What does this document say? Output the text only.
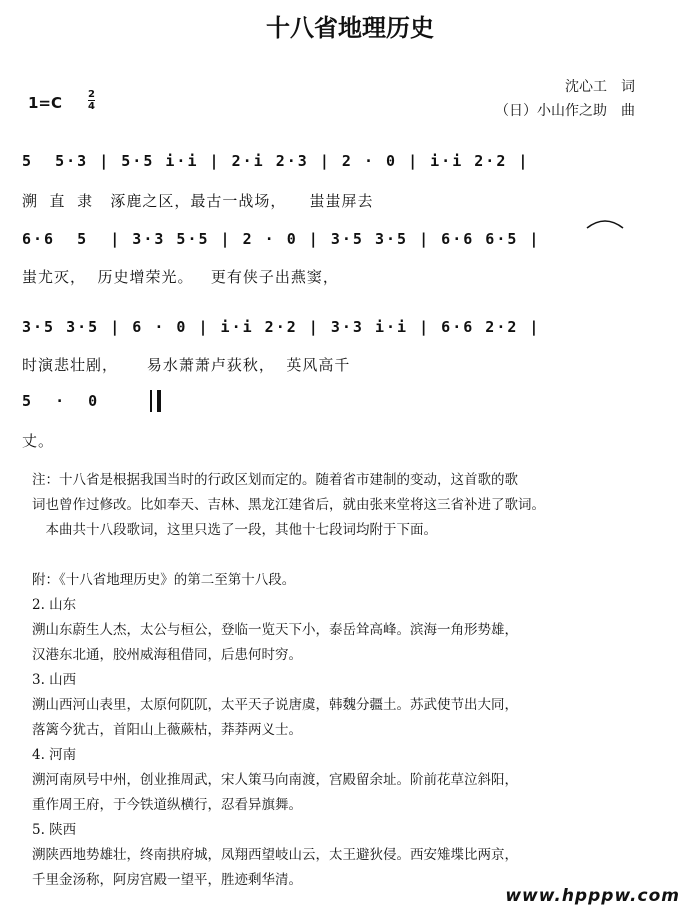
十八省地理历史
1=C	$\frac{2}{4}$
沈心工　词
（日）小山作之助　曲
5  5·3 | 5·5 i·i | 2·i 2·3 | 2 · 0 | i·i 2·2 |
溯  直  隶   涿鹿之区，最古一战场，    蚩蚩屏去
6·6  5  | 3·3 5·5 | 2 · 0 | 3·5 3·5 | 6·6 6·5 |
蚩尤灭，  历史增荣光。   更有侠子出燕窦，
3·5 3·5 | 6 · 0 | i·i 2·2 | 3·3 i·i | 6·6 2·2 |
时演悲壮剧，     易水萧萧卢荻秋，  英风高千
5  ·  0
丈。

注：十八省是根据我国当时的行政区划而定的。随着省市建制的变动，这首歌的歌

词也曾作过修改。比如奉天、吉林、黑龙江建省后，就由张来堂将这三省补进了歌词。

　本曲共十八段歌词，这里只选了一段，其他十七段词均附于下面。

附：《十八省地理历史》的第二至第十八段。

2. 山东

溯山东蔚生人杰，太公与桓公，登临一览天下小，泰岳耸高峰。滨海一角形势雄，

汉港东北通，胶州威海租借同，后患何时穷。

3. 山西

溯山西河山表里，太原何阢阢，太平天子说唐虞，韩魏分疆土。苏武使节出大同，

落篱今犹古，首阳山上薇蕨枯，莽莽两义士。

4. 河南

溯河南夙号中州，创业推周武，宋人策马向南渡，宫殿留余址。阶前花草泣斜阳，

重作周王府，于今铁道纵横行，忍看异旗舞。

5. 陕西

溯陕西地势雄壮，终南拱府城，凤翔西望岐山云，太王避狄侵。西安雉堞比两京，

千里金汤称，阿房宫殿一望平，胜迹剩华清。

www.hpppw.com
